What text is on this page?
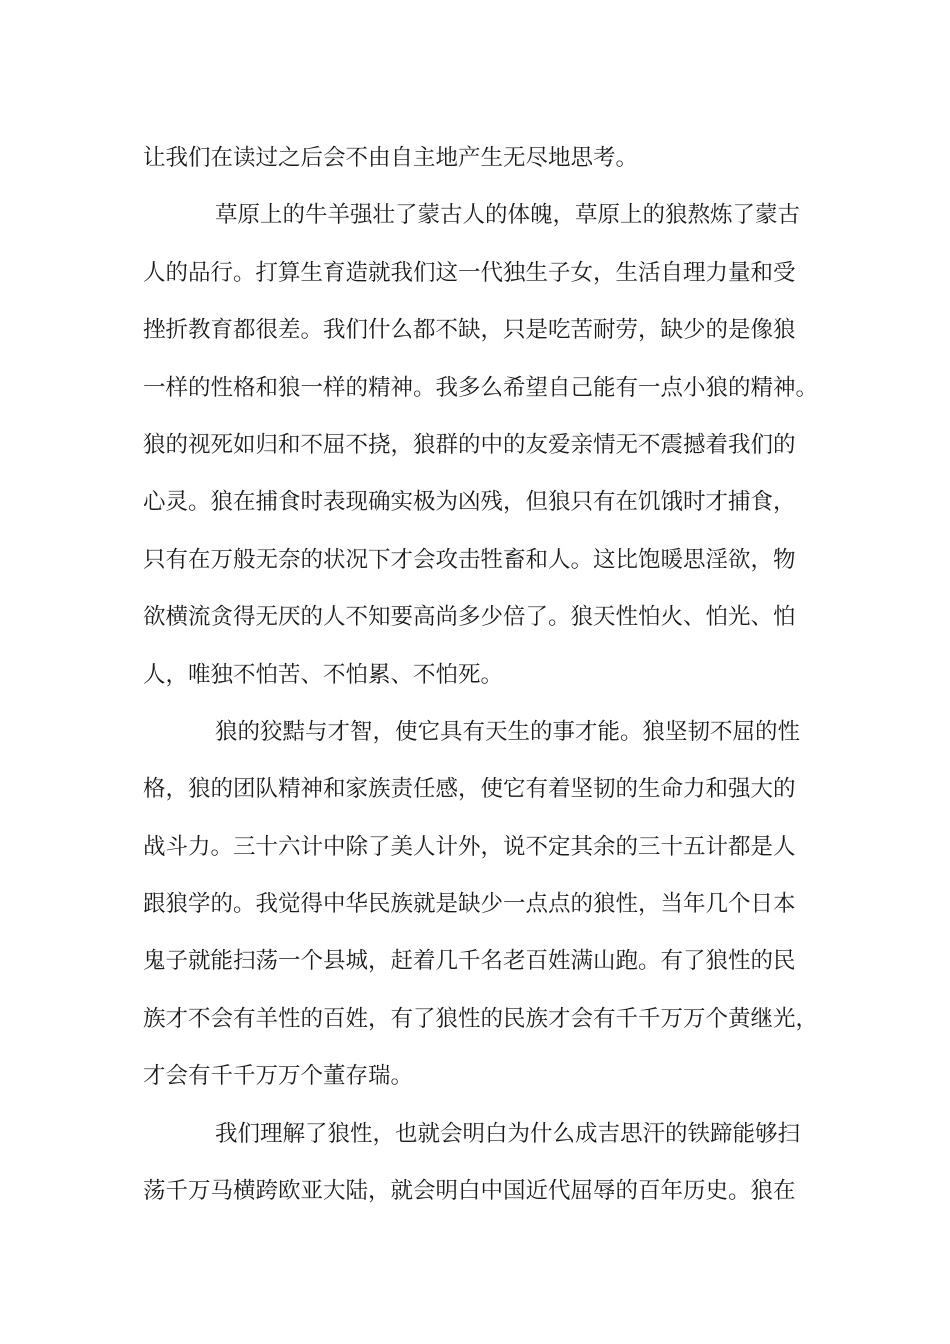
让我们在读过之后会不由自主地产生无尽地思考。
草原上的牛羊强壮了蒙古人的体魄，草原上的狼熬炼了蒙古
人的品行。打算生育造就我们这一代独生子女，生活自理力量和受
挫折教育都很差。我们什么都不缺，只是吃苦耐劳，缺少的是像狼
一样的性格和狼一样的精神。我多么希望自己能有一点小狼的精神。
狼的视死如归和不屈不挠，狼群的中的友爱亲情无不震撼着我们的
心灵。狼在捕食时表现确实极为凶残，但狼只有在饥饿时才捕食，
只有在万般无奈的状况下才会攻击牲畜和人。这比饱暖思淫欲，物
欲横流贪得无厌的人不知要高尚多少倍了。狼天性怕火、怕光、怕
人，唯独不怕苦、不怕累、不怕死。
狼的狡黠与才智，使它具有天生的事才能。狼坚韧不屈的性
格，狼的团队精神和家族责任感，使它有着坚韧的生命力和强大的
战斗力。三十六计中除了美人计外，说不定其余的三十五计都是人
跟狼学的。我觉得中华民族就是缺少一点点的狼性，当年几个日本
鬼子就能扫荡一个县城，赶着几千名老百姓满山跑。有了狼性的民
族才不会有羊性的百姓，有了狼性的民族才会有千千万万个黄继光，
才会有千千万万个董存瑞。
我们理解了狼性，也就会明白为什么成吉思汗的铁蹄能够扫
荡千万马横跨欧亚大陆，就会明白中国近代屈辱的百年历史。狼在
